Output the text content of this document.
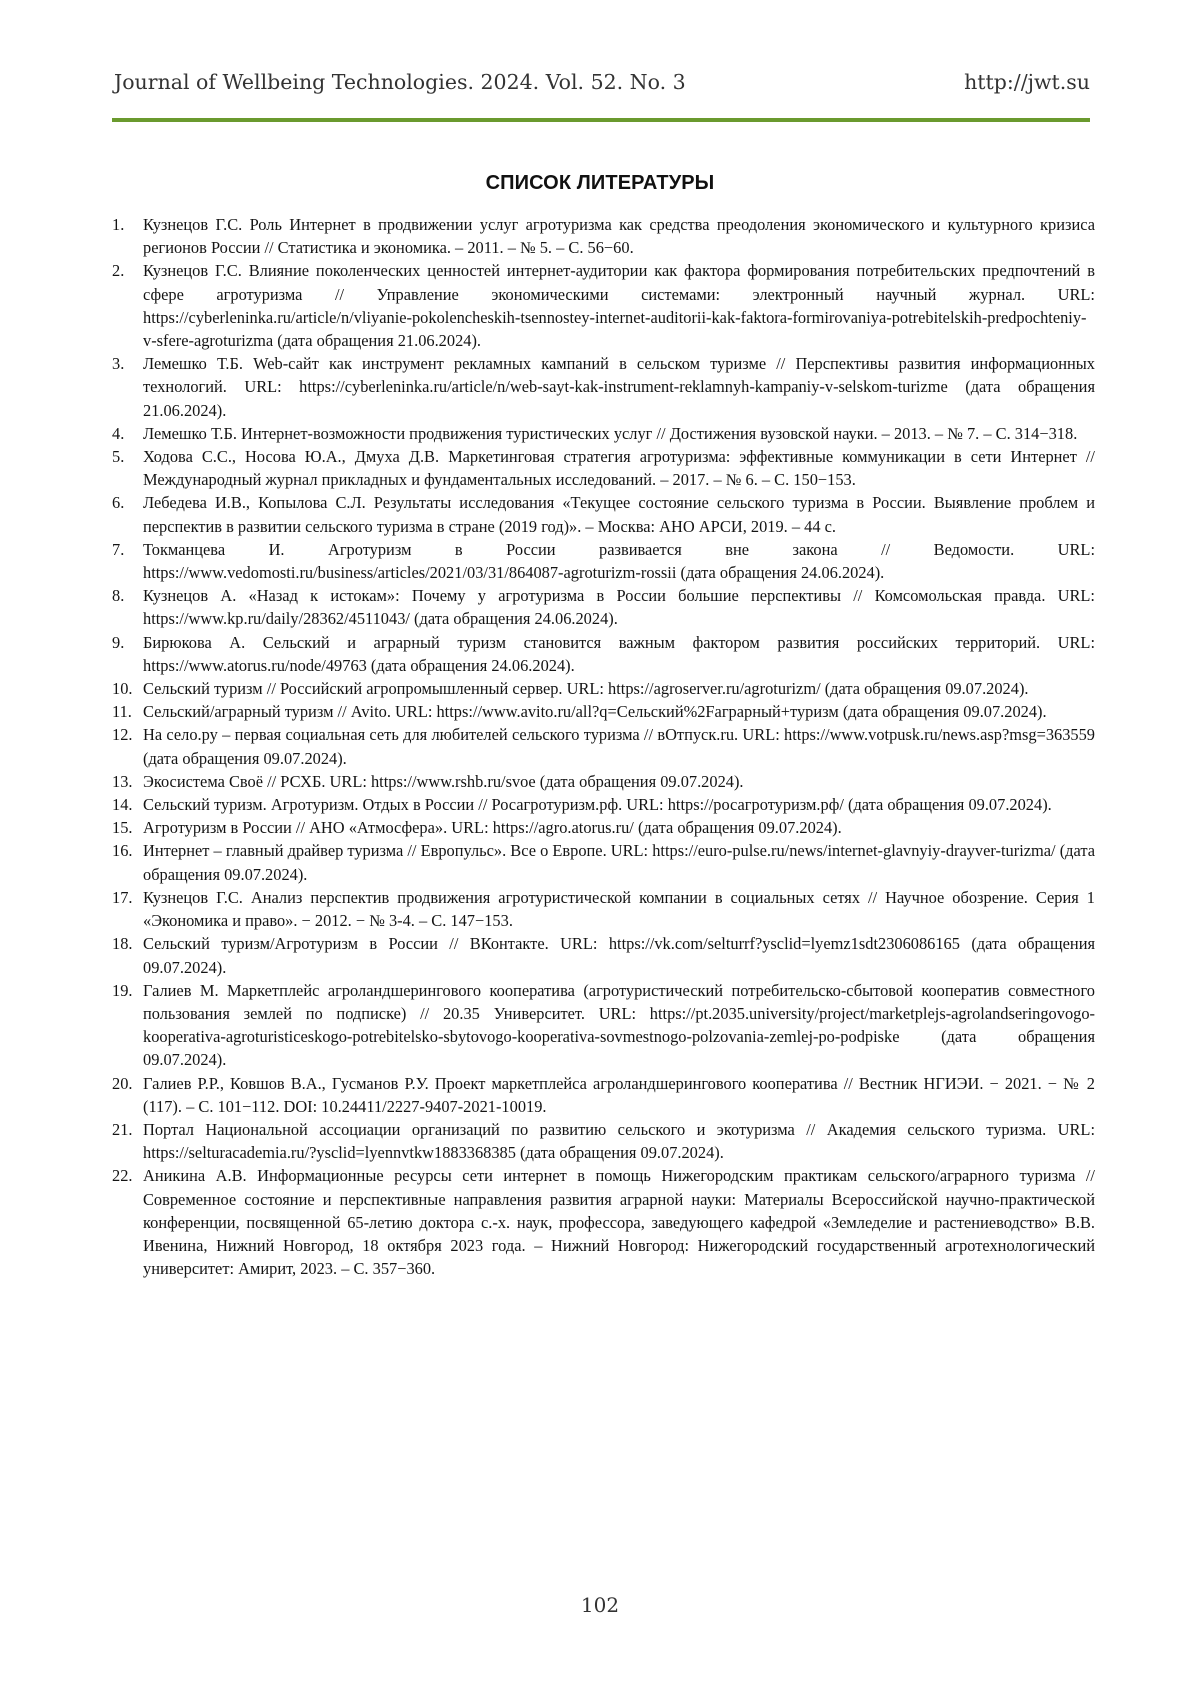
Journal of Wellbeing Technologies. 2024. Vol. 52. No. 3	http://jwt.su
СПИСОК ЛИТЕРАТУРЫ
1.	Кузнецов Г.С. Роль Интернет в продвижении услуг агротуризма как средства преодоления экономического и культурного кризиса регионов России // Статистика и экономика. – 2011. – № 5. – С. 56−60.
2.	Кузнецов Г.С. Влияние поколенческих ценностей интернет-аудитории как фактора формирования потребительских предпочтений в сфере агротуризма // Управление экономическими системами: электронный научный журнал. URL: https://cyberleninka.ru/article/n/vliyanie-pokolencheskih-tsennostey-internet-auditorii-kak-faktora-formirovaniya-potrebitelskih-predpochteniy-v-sfere-agroturizma (дата обращения 21.06.2024).
3.	Лемешко Т.Б. Web-сайт как инструмент рекламных кампаний в сельском туризме // Перспективы развития информационных технологий. URL: https://cyberleninka.ru/article/n/web-sayt-kak-instrument-reklamnyh-kampaniy-v-selskom-turizme (дата обращения 21.06.2024).
4.	Лемешко Т.Б. Интернет-возможности продвижения туристических услуг // Достижения вузовской науки. – 2013. – № 7. – С. 314−318.
5.	Ходова С.С., Носова Ю.А., Дмуха Д.В. Маркетинговая стратегия агротуризма: эффективные коммуникации в сети Интернет // Международный журнал прикладных и фундаментальных исследований. – 2017. – № 6. – С. 150−153.
6.	Лебедева И.В., Копылова С.Л. Результаты исследования «Текущее состояние сельского туризма в России. Выявление проблем и перспектив в развитии сельского туризма в стране (2019 год)». – Москва: АНО АРСИ, 2019. – 44 с.
7.	Токманцева И. Агротуризм в России развивается вне закона // Ведомости. URL: https://www.vedomosti.ru/business/articles/2021/03/31/864087-agroturizm-rossii (дата обращения 24.06.2024).
8.	Кузнецов А. «Назад к истокам»: Почему у агротуризма в России большие перспективы // Комсомольская правда. URL: https://www.kp.ru/daily/28362/4511043/ (дата обращения 24.06.2024).
9.	Бирюкова А. Сельский и аграрный туризм становится важным фактором развития российских территорий. URL: https://www.atorus.ru/node/49763 (дата обращения 24.06.2024).
10. Сельский туризм // Российский агропромышленный сервер. URL: https://agroserver.ru/agroturizm/ (дата обращения 09.07.2024).
11. Сельский/аграрный туризм // Avito. URL: https://www.avito.ru/all?q=Сельский%2Fаграрный+туризм (дата обращения 09.07.2024).
12. На село.ру – первая социальная сеть для любителей сельского туризма // вОтпуск.ru. URL: https://www.votpusk.ru/news.asp?msg=363559 (дата обращения 09.07.2024).
13. Экосистема Своё // РСХБ. URL: https://www.rshb.ru/svoe (дата обращения 09.07.2024).
14. Сельский туризм. Агротуризм. Отдых в России // Росагротуризм.рф. URL: https://росагротуризм.рф/ (дата обращения 09.07.2024).
15. Агротуризм в России // АНО «Атмосфера». URL: https://agro.atorus.ru/ (дата обращения 09.07.2024).
16. Интернет – главный драйвер туризма // Европульс». Все о Европе. URL: https://euro-pulse.ru/news/internet-glavnyiy-drayver-turizma/ (дата обращения 09.07.2024).
17. Кузнецов Г.С. Анализ перспектив продвижения агротуристической компании в социальных сетях // Научное обозрение. Серия 1 «Экономика и право». − 2012. − № 3-4. – С. 147−153.
18. Сельский туризм/Агротуризм в России // ВКонтакте. URL: https://vk.com/selturrf?ysclid=lyemz1sdt2306086165 (дата обращения 09.07.2024).
19. Галиев М. Маркетплейс агроландшерингового кооператива (агротуристический потребительско-сбытовой кооператив совместного пользования землей по подписке) // 20.35 Университет. URL: https://pt.2035.university/project/marketplejs-agrolandseringovogo-kooperativa-agroturisticeskogo-potrebitelsko-sbytovogo-kooperativa-sovmestnogo-polzovania-zemlej-po-podpiske (дата обращения 09.07.2024).
20. Галиев Р.Р., Ковшов В.А., Гусманов Р.У. Проект маркетплейса агроландшерингового кооператива // Вестник НГИЭИ. − 2021. − № 2 (117). – С. 101−112. DOI: 10.24411/2227-9407-2021-10019.
21. Портал Национальной ассоциации организаций по развитию сельского и экотуризма // Академия сельского туризма. URL: https://selturacademia.ru/?ysclid=lyennvtkw1883368385 (дата обращения 09.07.2024).
22. Аникина А.В. Информационные ресурсы сети интернет в помощь Нижегородским практикам сельского/аграрного туризма // Современное состояние и перспективные направления развития аграрной науки: Материалы Всероссийской научно-практической конференции, посвященной 65-летию доктора с.-х. наук, профессора, заведующего кафедрой «Земледелие и растениеводство» В.В. Ивенина, Нижний Новгород, 18 октября 2023 года. – Нижний Новгород: Нижегородский государственный агротехнологический университет: Амирит, 2023. – С. 357−360.
102
